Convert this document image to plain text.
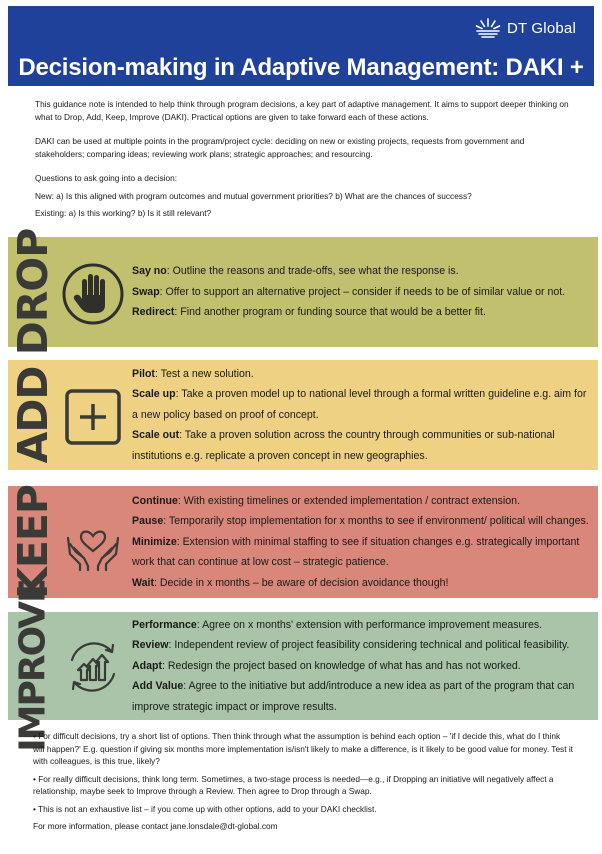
DT Global
Decision-making in Adaptive Management: DAKI +

This guidance note is intended to help think through program decisions, a key part of adaptive management. It aims to support deeper thinking on what to Drop, Add, Keep, Improve (DAKI). Practical options are given to take forward each of these actions.

DAKI can be used at multiple points in the program/project cycle: deciding on new or existing projects, requests from government and stakeholders; comparing ideas; reviewing work plans; strategic approaches; and resourcing.

Questions to ask going into a decision:

New: a) Is this aligned with program outcomes and mutual government priorities? b) What are the chances of success?

Existing: a) Is this working? b) Is it still relevant?

DROP	Say no: Outline the reasons and trade-offs, see what the response is.
Swap: Offer to support an alternative project – consider if needs to be of similar value or not.
Redirect: Find another program or funding source that would be a better fit.
ADD	Pilot: Test a new solution.
Scale up: Take a proven model up to national level through a formal written guideline e.g. aim for a new policy based on proof of concept.
Scale out: Take a proven solution across the country through communities or sub-national institutions e.g. replicate a proven concept in new geographies.
KEEP	Continue: With existing timelines or extended implementation / contract extension.
Pause: Temporarily stop implementation for x months to see if environment/ political will changes.
Minimize: Extension with minimal staffing to see if situation changes e.g. strategically important work that can continue at low cost – strategic patience.
Wait: Decide in x months – be aware of decision avoidance though!
IMPROVE	Performance: Agree on x months' extension with performance improvement measures.
Review: Independent review of project feasibility considering technical and political feasibility.
Adapt: Redesign the project based on knowledge of what has and has not worked.
Add Value: Agree to the initiative but add/introduce a new idea as part of the program that can improve strategic impact or improve results.
• For difficult decisions, try a short list of options. Then think through what the assumption is behind each option – 'if I decide this, what do I think will happen?' E.g. question if giving six months more implementation is/isn't likely to make a difference, is it likely to be good value for money. Test it with colleagues, is this true, likely?
• For really difficult decisions, think long term. Sometimes, a two-stage process is needed—e.g., if Dropping an initiative will negatively affect a relationship, maybe seek to Improve through a Review. Then agree to Drop through a Swap.
• This is not an exhaustive list – if you come up with other options, add to your DAKI checklist.
For more information, please contact jane.lonsdale@dt-global.com
